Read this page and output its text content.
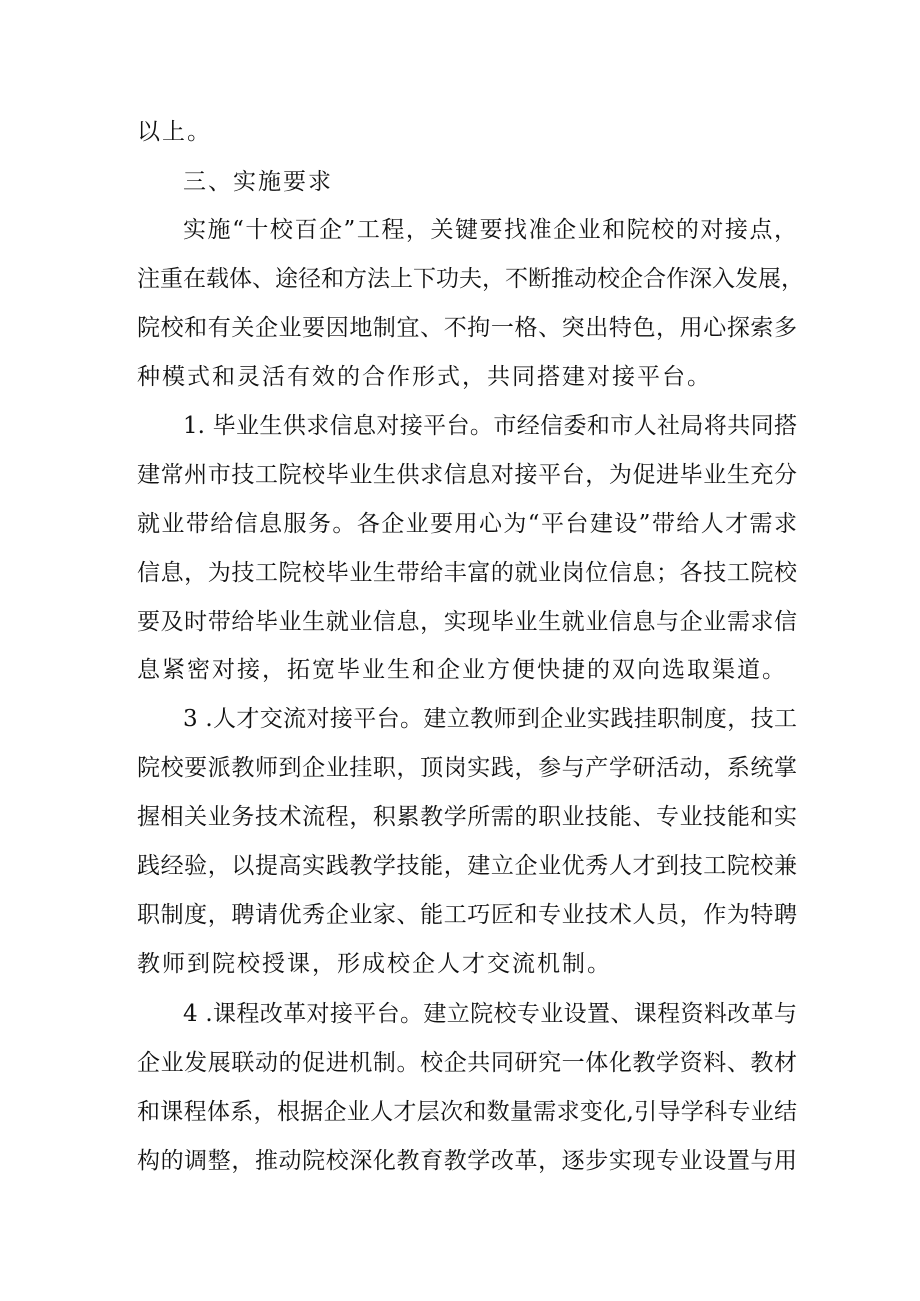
以上。
三、实施要求
实施“十校百企”工程，关键要找准企业和院校的对接点，
注重在载体、途径和方法上下功夫，不断推动校企合作深入发展，
院校和有关企业要因地制宜、不拘一格、突出特色，用心探索多
种模式和灵活有效的合作形式，共同搭建对接平台。
1. 毕业生供求信息对接平台。市经信委和市人社局将共同搭
建常州市技工院校毕业生供求信息对接平台，为促进毕业生充分
就业带给信息服务。各企业要用心为“平台建设”带给人才需求
信息，为技工院校毕业生带给丰富的就业岗位信息；各技工院校
要及时带给毕业生就业信息，实现毕业生就业信息与企业需求信
息紧密对接，拓宽毕业生和企业方便快捷的双向选取渠道。
3 .人才交流对接平台。建立教师到企业实践挂职制度，技工
院校要派教师到企业挂职，顶岗实践，参与产学研活动，系统掌
握相关业务技术流程，积累教学所需的职业技能、专业技能和实
践经验，以提高实践教学技能，建立企业优秀人才到技工院校兼
职制度，聘请优秀企业家、能工巧匠和专业技术人员，作为特聘
教师到院校授课，形成校企人才交流机制。
4 .课程改革对接平台。建立院校专业设置、课程资料改革与
企业发展联动的促进机制。校企共同研究一体化教学资料、教材
和课程体系，根据企业人才层次和数量需求变化,引导学科专业结
构的调整，推动院校深化教育教学改革，逐步实现专业设置与用
